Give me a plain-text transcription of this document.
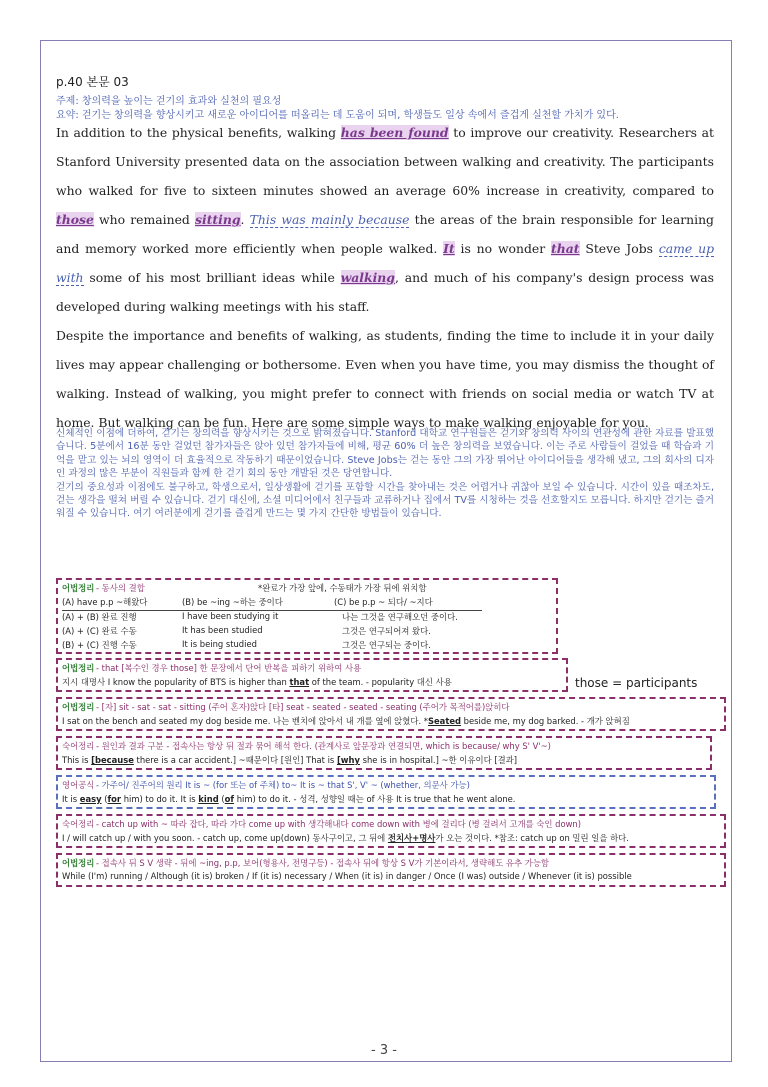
p.40 본문 03
주제: 창의력을 높이는 걷기의 효과와 실천의 필요성
요약: 걷기는 창의력을 향상시키고 새로운 아이디어를 떠올리는 데 도움이 되며, 학생들도 일상 속에서 즐겁게 실천할 가치가 있다.

In addition to the physical benefits, walking has been found to improve our creativity. Researchers at Stanford University presented data on the association between walking and creativity. The participants who walked for five to sixteen minutes showed an average 60% increase in creativity, compared to those who remained sitting. This was mainly because the areas of the brain responsible for learning and memory worked more efficiently when people walked. It is no wonder that Steve Jobs came up with some of his most brilliant ideas while walking, and much of his company's design process was developed during walking meetings with his staff.

Despite the importance and benefits of walking, as students, finding the time to include it in your daily lives may appear challenging or bothersome. Even when you have time, you may dismiss the thought of walking. Instead of walking, you might prefer to connect with friends on social media or watch TV at home. But walking can be fun. Here are some simple ways to make walking enjoyable for you.

신체적인 이점에 더하여, 걷기는 창의력을 향상시키는 것으로 밝혀졌습니다. Stanford 대학교 연구원들은 걷기와 창의력 사이의 연관성에 관한 자료를 발표했습니다. 5분에서 16분 동안 걸었던 참가자들은 앉아 있던 참가자들에 비해, 평균 60% 더 높은 창의력을 보였습니다. 이는 주로 사람들이 걸었을 때 학습과 기억을 맡고 있는 뇌의 영역이 더 효율적으로 작동하기 때문이었습니다. Steve Jobs는 걷는 동안 그의 가장 뛰어난 아이디어들을 생각해 냈고, 그의 회사의 디자인 과정의 많은 부분이 직원들과 함께 한 걷기 회의 동안 개발된 것은 당연합니다.

걷기의 중요성과 이점에도 불구하고, 학생으로서, 일상생활에 걷기를 포함할 시간을 찾아내는 것은 어렵거나 귀찮아 보일 수 있습니다. 시간이 있을 때조차도, 걷는 생각을 떨쳐 버릴 수 있습니다. 걷기 대신에, 소셜 미디어에서 친구들과 교류하거나 집에서 TV를 시청하는 것을 선호할지도 모릅니다. 하지만 걷기는 즐거워질 수 있습니다. 여기 여러분에게 걷기를 즐겁게 만드는 몇 가지 간단한 방법들이 있습니다.

어법정리 - 동사의 결합	*완료가 가장 앞에, 수동태가 가장 뒤에 위치함
(A) have p.p ~해왔다	(B) be ~ing ~하는 중이다	(C) be p.p ~ 되다/ ~지다
(A) + (B) 완료 진행	I have been studying it	나는 그것을 연구해오던 중이다.
(A) + (C) 완료 수동	It has been studied	그것은 연구되어져 왔다.
(B) + (C) 진행 수동	It is being studied	그것은 연구되는 중이다.
어법정리 - that [복수인 경우 those] 한 문장에서 단어 반복을 피하기 위하여 사용
지시 대명사 I know the popularity of BTS is higher than that of the team. - popularity 대신 사용	those = participants
어법정리 - [자] sit - sat - sat - sitting (주어 혼자)앉다 [타] seat - seated - seated - seating (주어가 목적어를)앉히다
I sat on the bench and seated my dog beside me. 나는 벤치에 앉아서 내 개를 옆에 앉혔다. *Seated beside me, my dog barked. - 개가 앉혀짐
숙어정리 - 원인과 결과 구분 - 접속사는 항상 뒤 절과 묶어 해석 한다. (관계사로 앞문장과 연결되면, which is because/ why S' V'~)
This is [because there is a car accident.] ~때문이다 [원인] That is [why she is in hospital.] ~한 이유이다 [결과]
영어공식 - 가주어/ 진주어의 원리 It is ~ (for 또는 of 주체) to~ It is ~ that S', V' ~ (whether, 의문사 가능)
It is easy (for him) to do it. It is kind (of him) to do it. - 성격, 성향일 때는 of 사용 It is true that he went alone.
숙어정리 - catch up with ~ 따라 잡다, 따라 가다 come up with 생각해내다 come down with 병에 걸리다 (병 걸려서 고개를 숙인 down)
I / will catch up / with you soon. - catch up, come up(down) 동사구이고, 그 뒤에 전치사+명사가 오는 것이다. *참조: catch up on 밀린 일을 하다.
어법정리 - 접속사 뒤 S V 생략 - 뒤에 ~ing, p.p, 보어(형용사, 전명구등) - 접속사 뒤에 항상 S V가 기본이라서, 생략해도 유추 가능함
While (I'm) running / Although (it is) broken / If (it is) necessary / When (it is) in danger / Once (I was) outside / Whenever (it is) possible
- 3 -
